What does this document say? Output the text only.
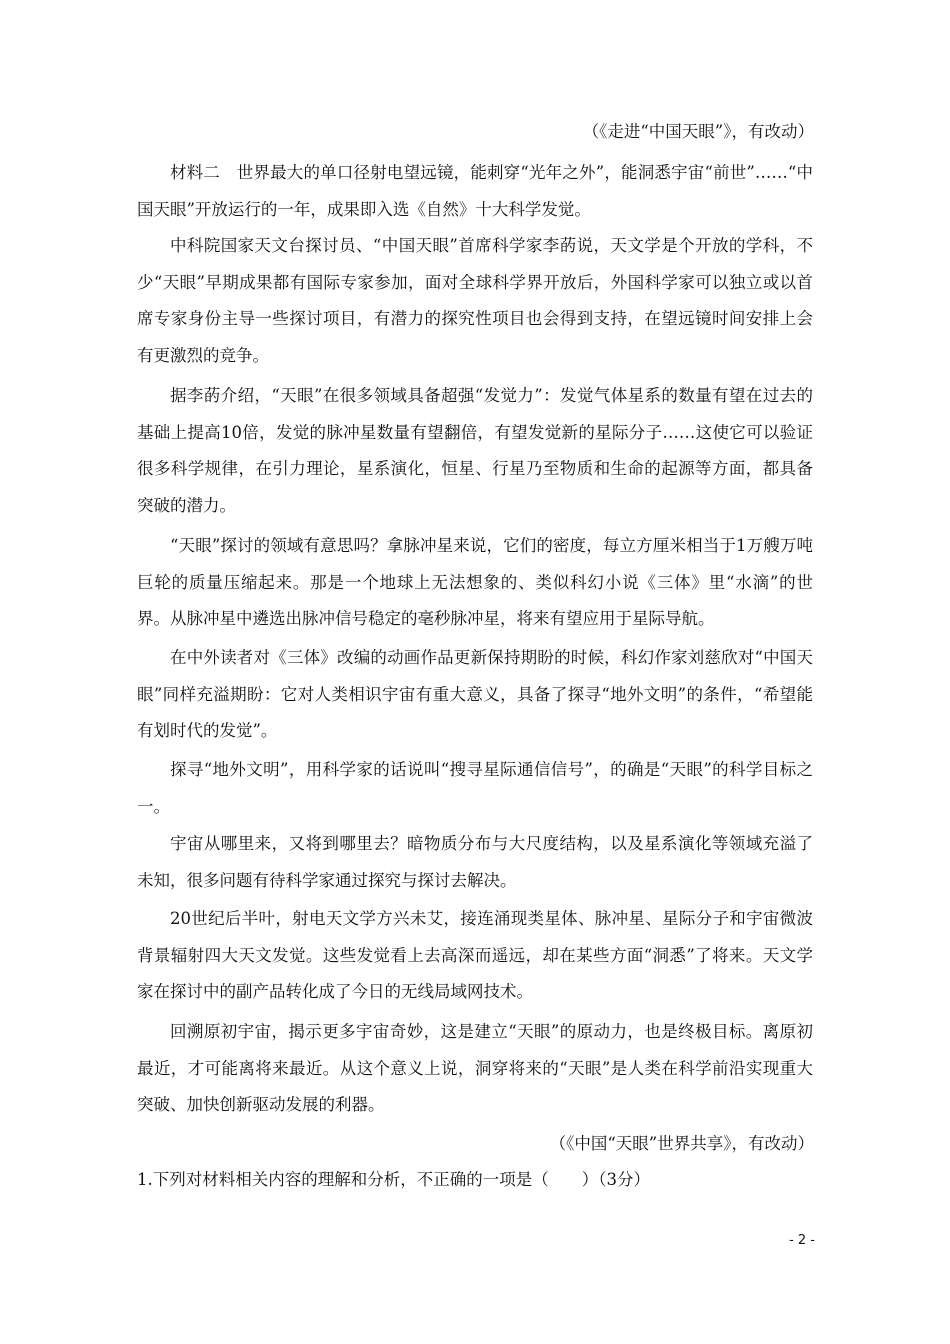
（《走进“中国天眼”》，有改动）

材料二　世界最大的单口径射电望远镜，能刺穿“光年之外”，能洞悉宇宙“前世”……“中国天眼”开放运行的一年，成果即入选《自然》十大科学发觉。

中科院国家天文台探讨员、“中国天眼”首席科学家李菂说，天文学是个开放的学科，不少“天眼”早期成果都有国际专家参加，面对全球科学界开放后，外国科学家可以独立或以首席专家身份主导一些探讨项目，有潜力的探究性项目也会得到支持，在望远镜时间安排上会有更激烈的竞争。

据李菂介绍，“天眼”在很多领域具备超强“发觉力”：发觉气体星系的数量有望在过去的基础上提高10倍，发觉的脉冲星数量有望翻倍，有望发觉新的星际分子……这使它可以验证很多科学规律，在引力理论，星系演化，恒星、行星乃至物质和生命的起源等方面，都具备突破的潜力。

“天眼”探讨的领域有意思吗？拿脉冲星来说，它们的密度，每立方厘米相当于1万艘万吨巨轮的质量压缩起来。那是一个地球上无法想象的、类似科幻小说《三体》里“水滴”的世界。从脉冲星中遴选出脉冲信号稳定的毫秒脉冲星，将来有望应用于星际导航。

在中外读者对《三体》改编的动画作品更新保持期盼的时候，科幻作家刘慈欣对“中国天眼”同样充溢期盼：它对人类相识宇宙有重大意义，具备了探寻“地外文明”的条件，“希望能有划时代的发觉”。

探寻“地外文明”，用科学家的话说叫“搜寻星际通信信号”，的确是“天眼”的科学目标之一。

宇宙从哪里来，又将到哪里去？暗物质分布与大尺度结构，以及星系演化等领域充溢了未知，很多问题有待科学家通过探究与探讨去解决。

20世纪后半叶，射电天文学方兴未艾，接连涌现类星体、脉冲星、星际分子和宇宙微波背景辐射四大天文发觉。这些发觉看上去高深而遥远，却在某些方面“洞悉”了将来。天文学家在探讨中的副产品转化成了今日的无线局域网技术。

回溯原初宇宙，揭示更多宇宙奇妙，这是建立“天眼”的原动力，也是终极目标。离原初最近，才可能离将来最近。从这个意义上说，洞穿将来的“天眼”是人类在科学前沿实现重大突破、加快创新驱动发展的利器。

（《中国“天眼”世界共享》，有改动）

1.下列对材料相关内容的理解和分析，不正确的一项是（　　）（3分）

- 2 -
